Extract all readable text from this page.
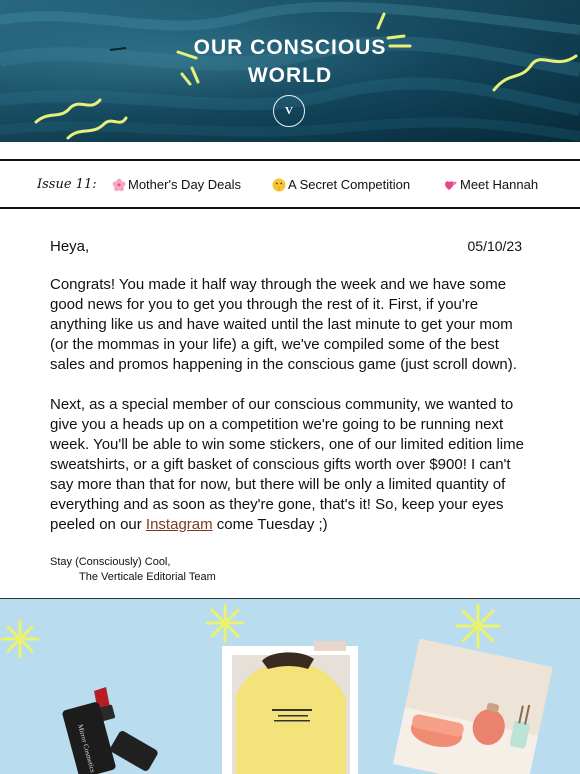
OUR CONSCIOUS
WORLD
V
Issue 11: Mother's Day Deals	A Secret Competition	Meet Hannah
Heya,	05/10/23

Congrats! You made it half way through the week and we have some good news for you to get you through the rest of it. First, if you're anything like us and have waited until the last minute to get your mom (or the mommas in your life) a gift, we've compiled some of the best sales and promos happening in the conscious game (just scroll down).

Next, as a special member of our conscious community, we wanted to give you a heads up on a competition we're going to be running next week. You'll be able to win some stickers, one of our limited edition lime sweatshirts, or a gift basket of conscious gifts worth over $900! I can't say more than that for now, but there will be only a limited quantity of everything and as soon as they're gone, that's it! So, keep your eyes peeled on our Instagram come Tuesday ;)

Stay (Consciously) Cool,
The Verticale Editorial Team
Mirror Cosmetics
